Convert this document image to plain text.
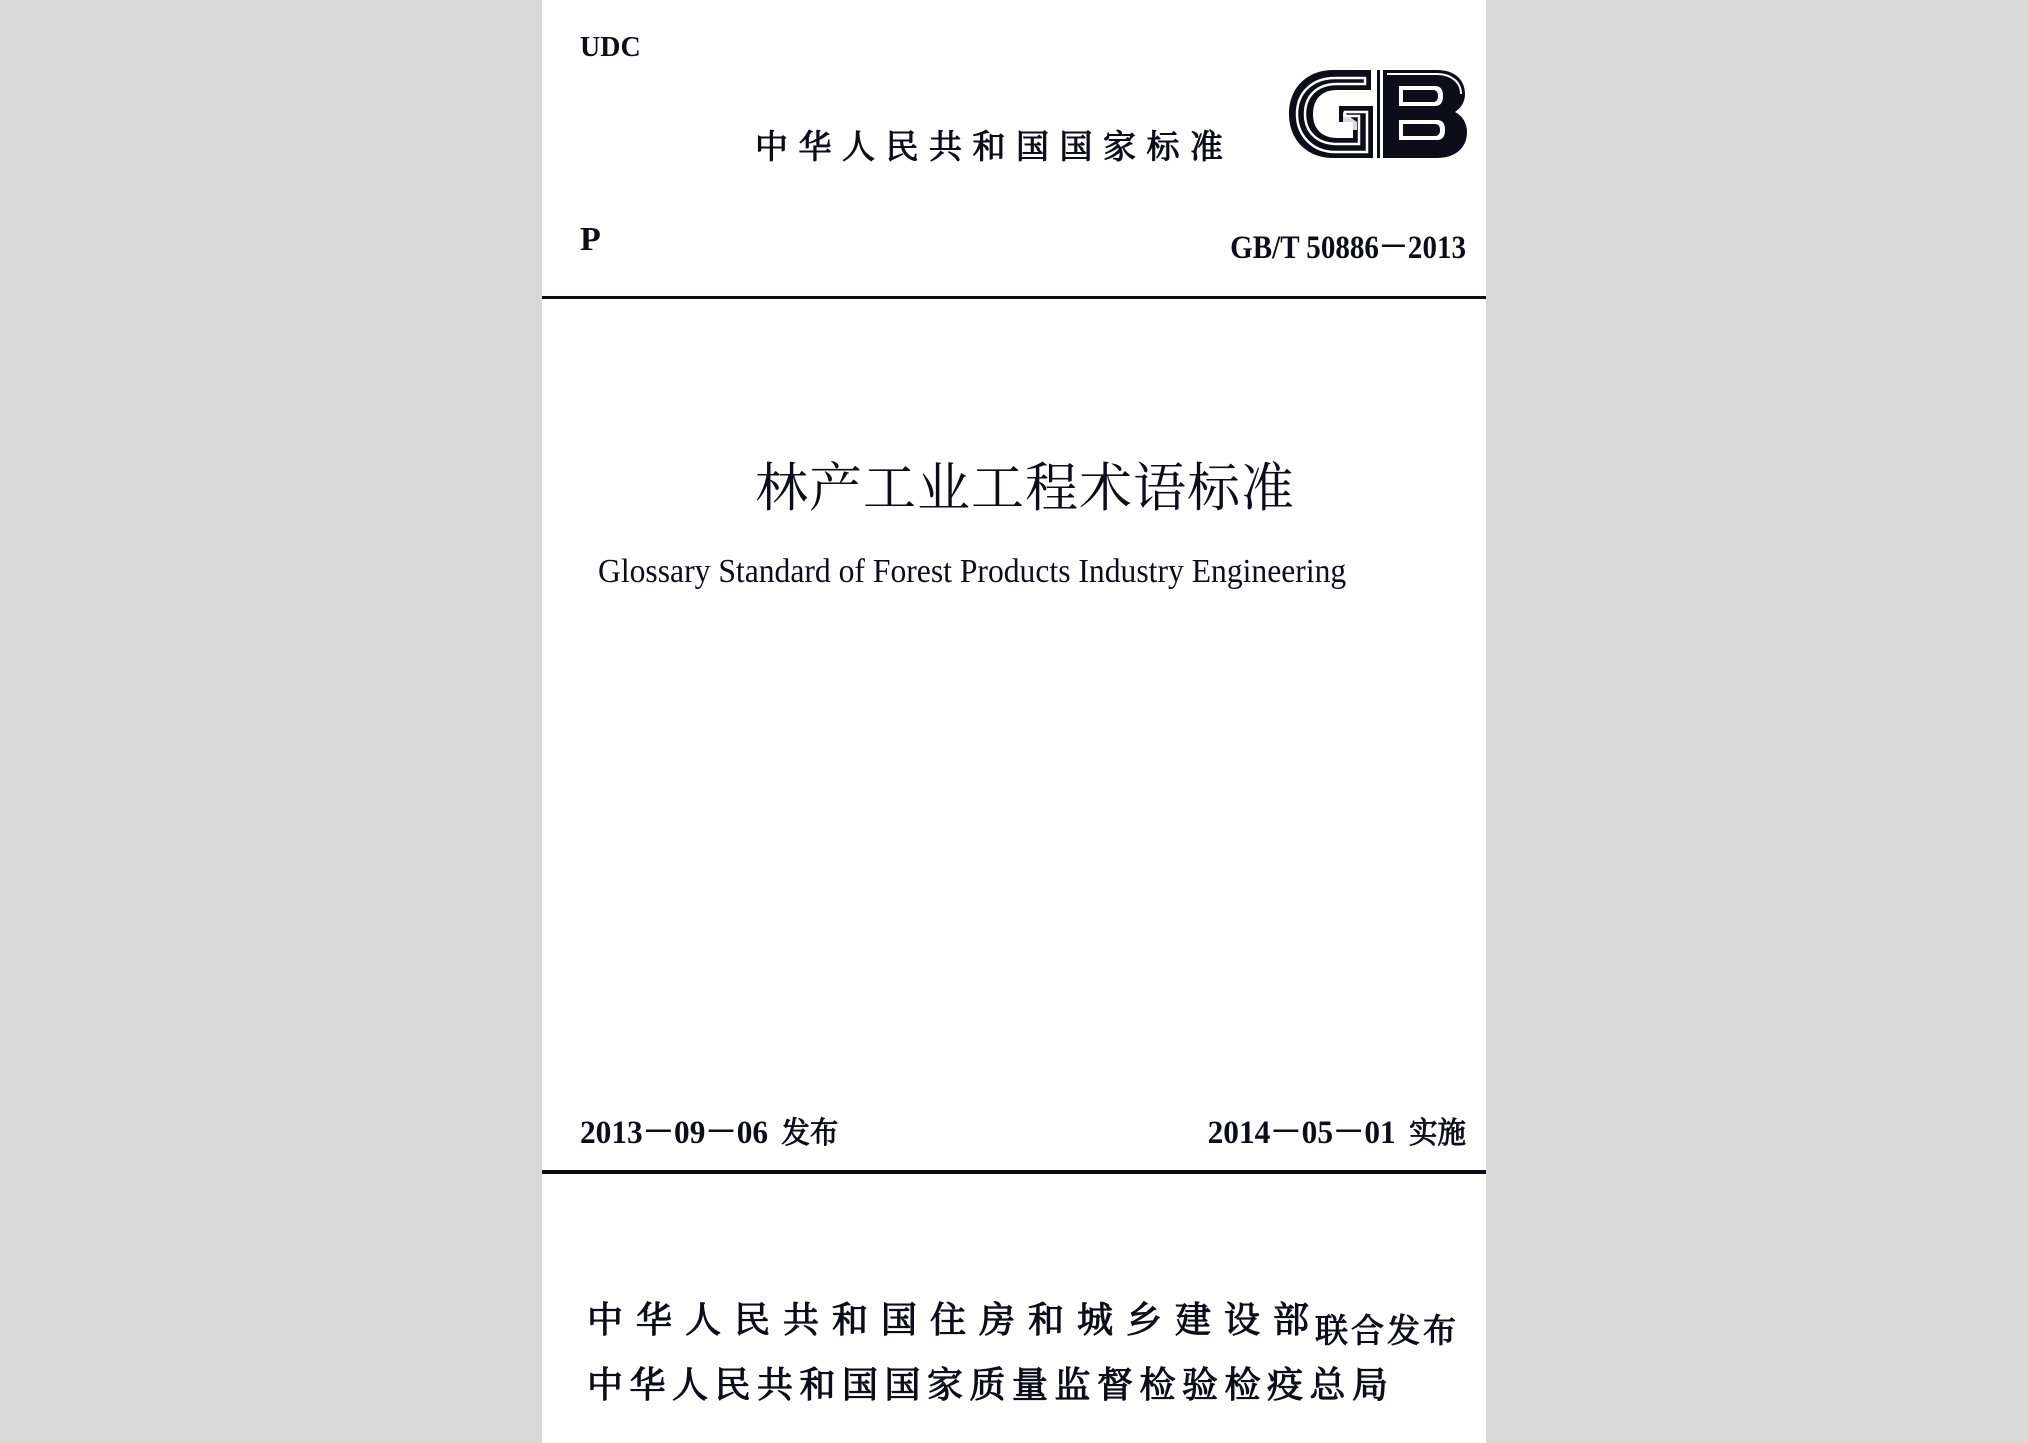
UDC
中华人民共和国国家标准
P	GB/T 50886－2013
林产工业工程术语标准
Glossary Standard of Forest Products Industry Engineering
2013－09－06 发布	2014－05－01 实施
中华人民共和国住房和城乡建设部
中华人民共和国国家质量监督检验检疫总局
联合发布
